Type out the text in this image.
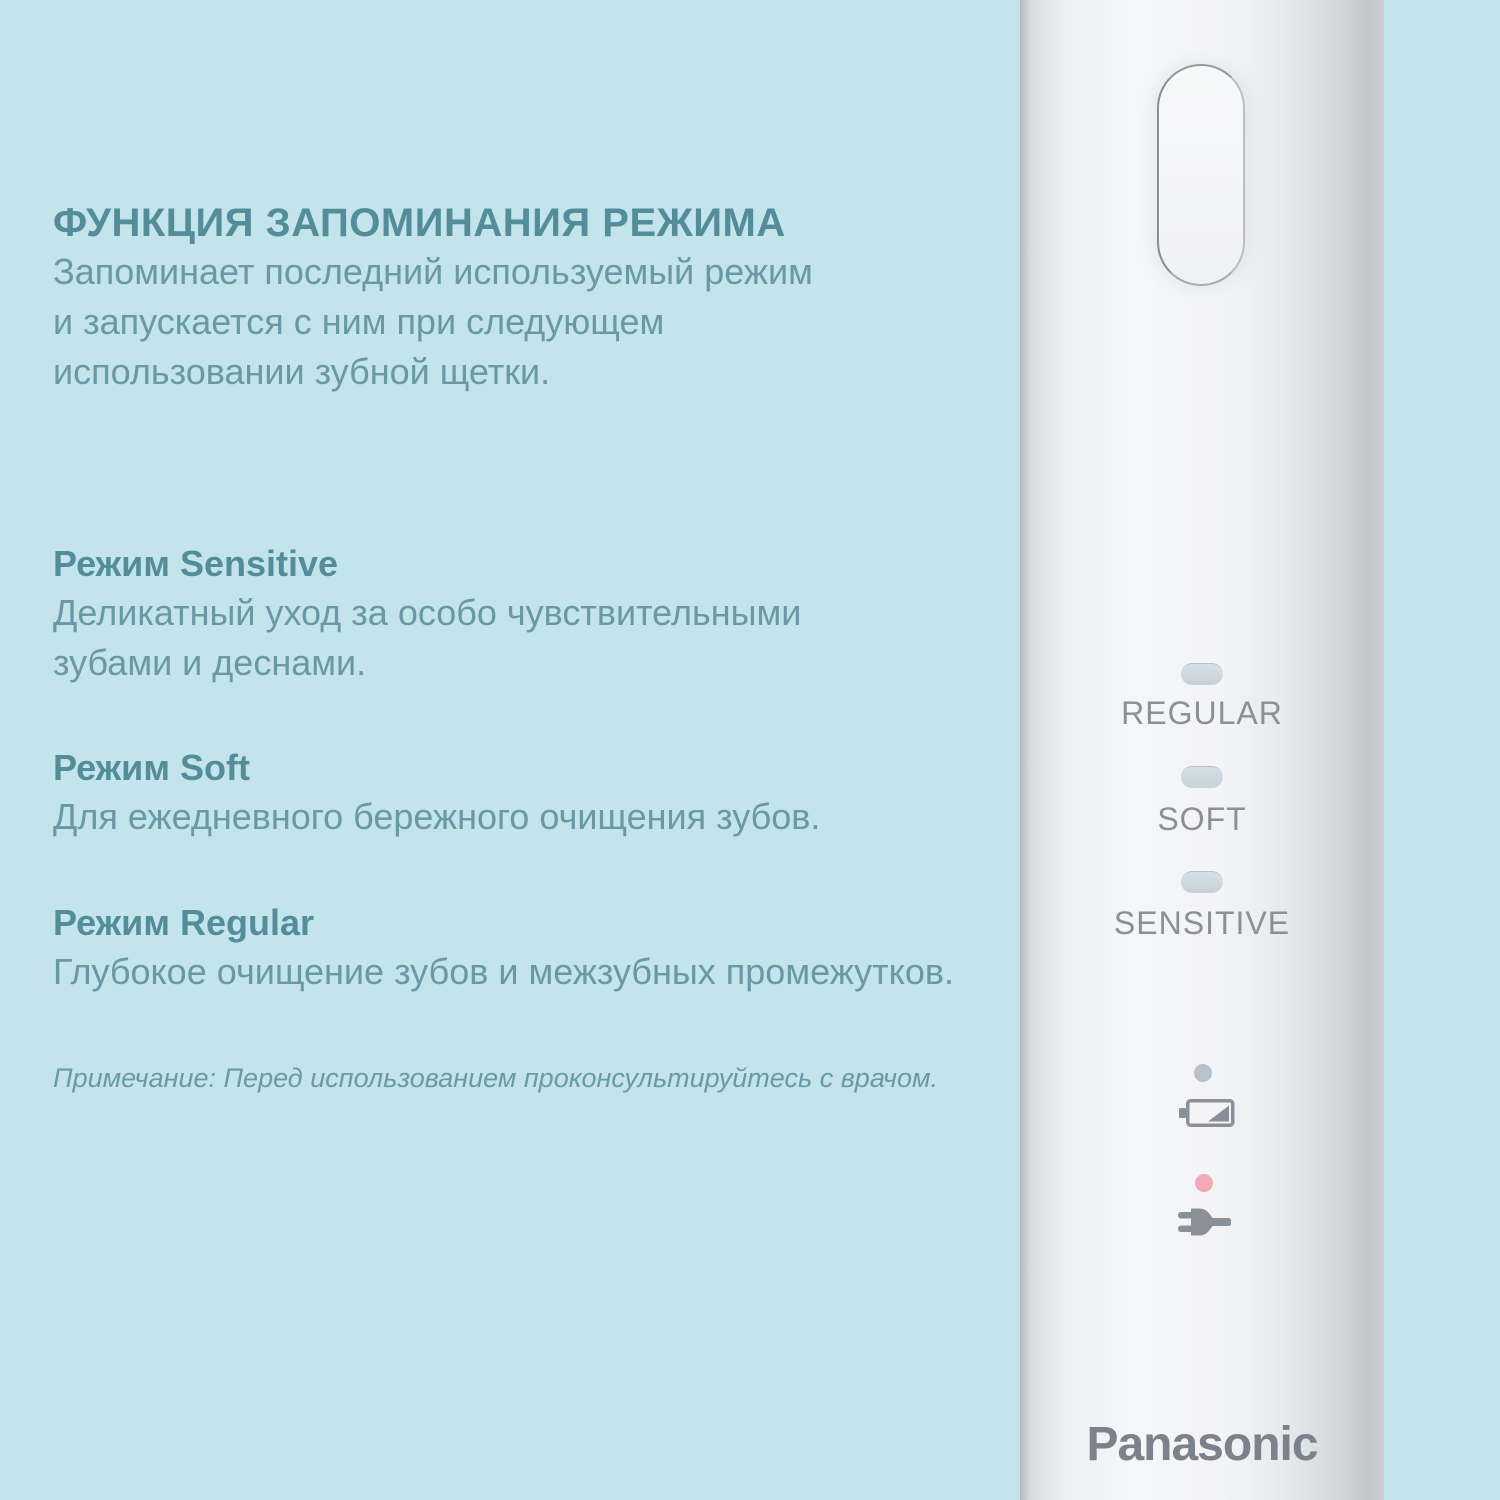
ФУНКЦИЯ ЗАПОМИНАНИЯ РЕЖИМА

Запоминает последний используемый режим
и запускается с ним при следующем
использовании зубной щетки.

Режим Sensitive
Деликатный уход за особо чувствительными
зубами и деснами.
Режим Soft
Для ежедневного бережного очищения зубов.
Режим Regular
Глубокое очищение зубов и межзубных промежутков.

Примечание: Перед использованием проконсультируйтесь с врачом.

REGULAR
SOFT
SENSITIVE
Panasonic
